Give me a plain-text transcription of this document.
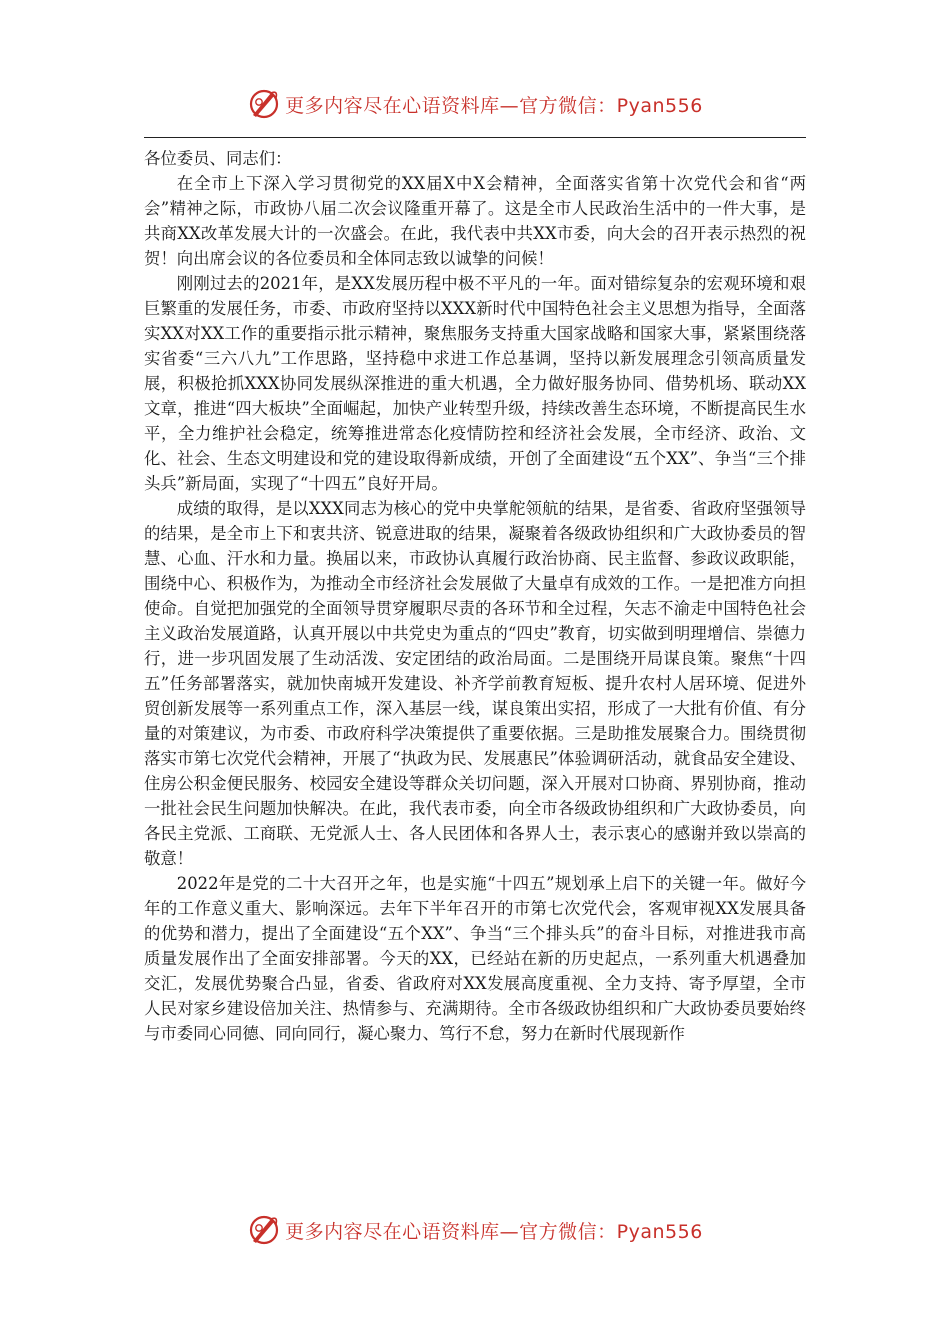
更多内容尽在心语资料库—官方微信：Pyan556

各位委员、同志们：

在全市上下深入学习贯彻党的XX届X中X会精神，全面落实省第十次党代会和省“两会”精神之际，市政协八届二次会议隆重开幕了。这是全市人民政治生活中的一件大事，是共商XX改革发展大计的一次盛会。在此，我代表中共XX市委，向大会的召开表示热烈的祝贺！向出席会议的各位委员和全体同志致以诚挚的问候！

刚刚过去的2021年，是XX发展历程中极不平凡的一年。面对错综复杂的宏观环境和艰巨繁重的发展任务，市委、市政府坚持以XXX新时代中国特色社会主义思想为指导，全面落实XX对XX工作的重要指示批示精神，聚焦服务支持重大国家战略和国家大事，紧紧围绕落实省委“三六八九”工作思路，坚持稳中求进工作总基调，坚持以新发展理念引领高质量发展，积极抢抓XXX协同发展纵深推进的重大机遇，全力做好服务协同、借势机场、联动XX文章，推进“四大板块”全面崛起，加快产业转型升级，持续改善生态环境，不断提高民生水平，全力维护社会稳定，统筹推进常态化疫情防控和经济社会发展，全市经济、政治、文化、社会、生态文明建设和党的建设取得新成绩，开创了全面建设“五个XX”、争当“三个排头兵”新局面，实现了“十四五”良好开局。

成绩的取得，是以XXX同志为核心的党中央掌舵领航的结果，是省委、省政府坚强领导的结果，是全市上下和衷共济、锐意进取的结果，凝聚着各级政协组织和广大政协委员的智慧、心血、汗水和力量。换届以来，市政协认真履行政治协商、民主监督、参政议政职能，围绕中心、积极作为，为推动全市经济社会发展做了大量卓有成效的工作。一是把准方向担使命。自觉把加强党的全面领导贯穿履职尽责的各环节和全过程，矢志不渝走中国特色社会主义政治发展道路，认真开展以中共党史为重点的“四史”教育，切实做到明理增信、崇德力行，进一步巩固发展了生动活泼、安定团结的政治局面。二是围绕开局谋良策。聚焦“十四五”任务部署落实，就加快南城开发建设、补齐学前教育短板、提升农村人居环境、促进外贸创新发展等一系列重点工作，深入基层一线，谋良策出实招，形成了一大批有价值、有分量的对策建议，为市委、市政府科学决策提供了重要依据。三是助推发展聚合力。围绕贯彻落实市第七次党代会精神，开展了“执政为民、发展惠民”体验调研活动，就食品安全建设、住房公积金便民服务、校园安全建设等群众关切问题，深入开展对口协商、界别协商，推动一批社会民生问题加快解决。在此，我代表市委，向全市各级政协组织和广大政协委员，向各民主党派、工商联、无党派人士、各人民团体和各界人士，表示衷心的感谢并致以崇高的敬意！

2022年是党的二十大召开之年，也是实施“十四五”规划承上启下的关键一年。做好今年的工作意义重大、影响深远。去年下半年召开的市第七次党代会，客观审视XX发展具备的优势和潜力，提出了全面建设“五个XX”、争当“三个排头兵”的奋斗目标，对推进我市高质量发展作出了全面安排部署。今天的XX，已经站在新的历史起点，一系列重大机遇叠加交汇，发展优势聚合凸显，省委、省政府对XX发展高度重视、全力支持、寄予厚望，全市人民对家乡建设倍加关注、热情参与、充满期待。全市各级政协组织和广大政协委员要始终与市委同心同德、同向同行，凝心聚力、笃行不怠，努力在新时代展现新作

更多内容尽在心语资料库—官方微信：Pyan556
